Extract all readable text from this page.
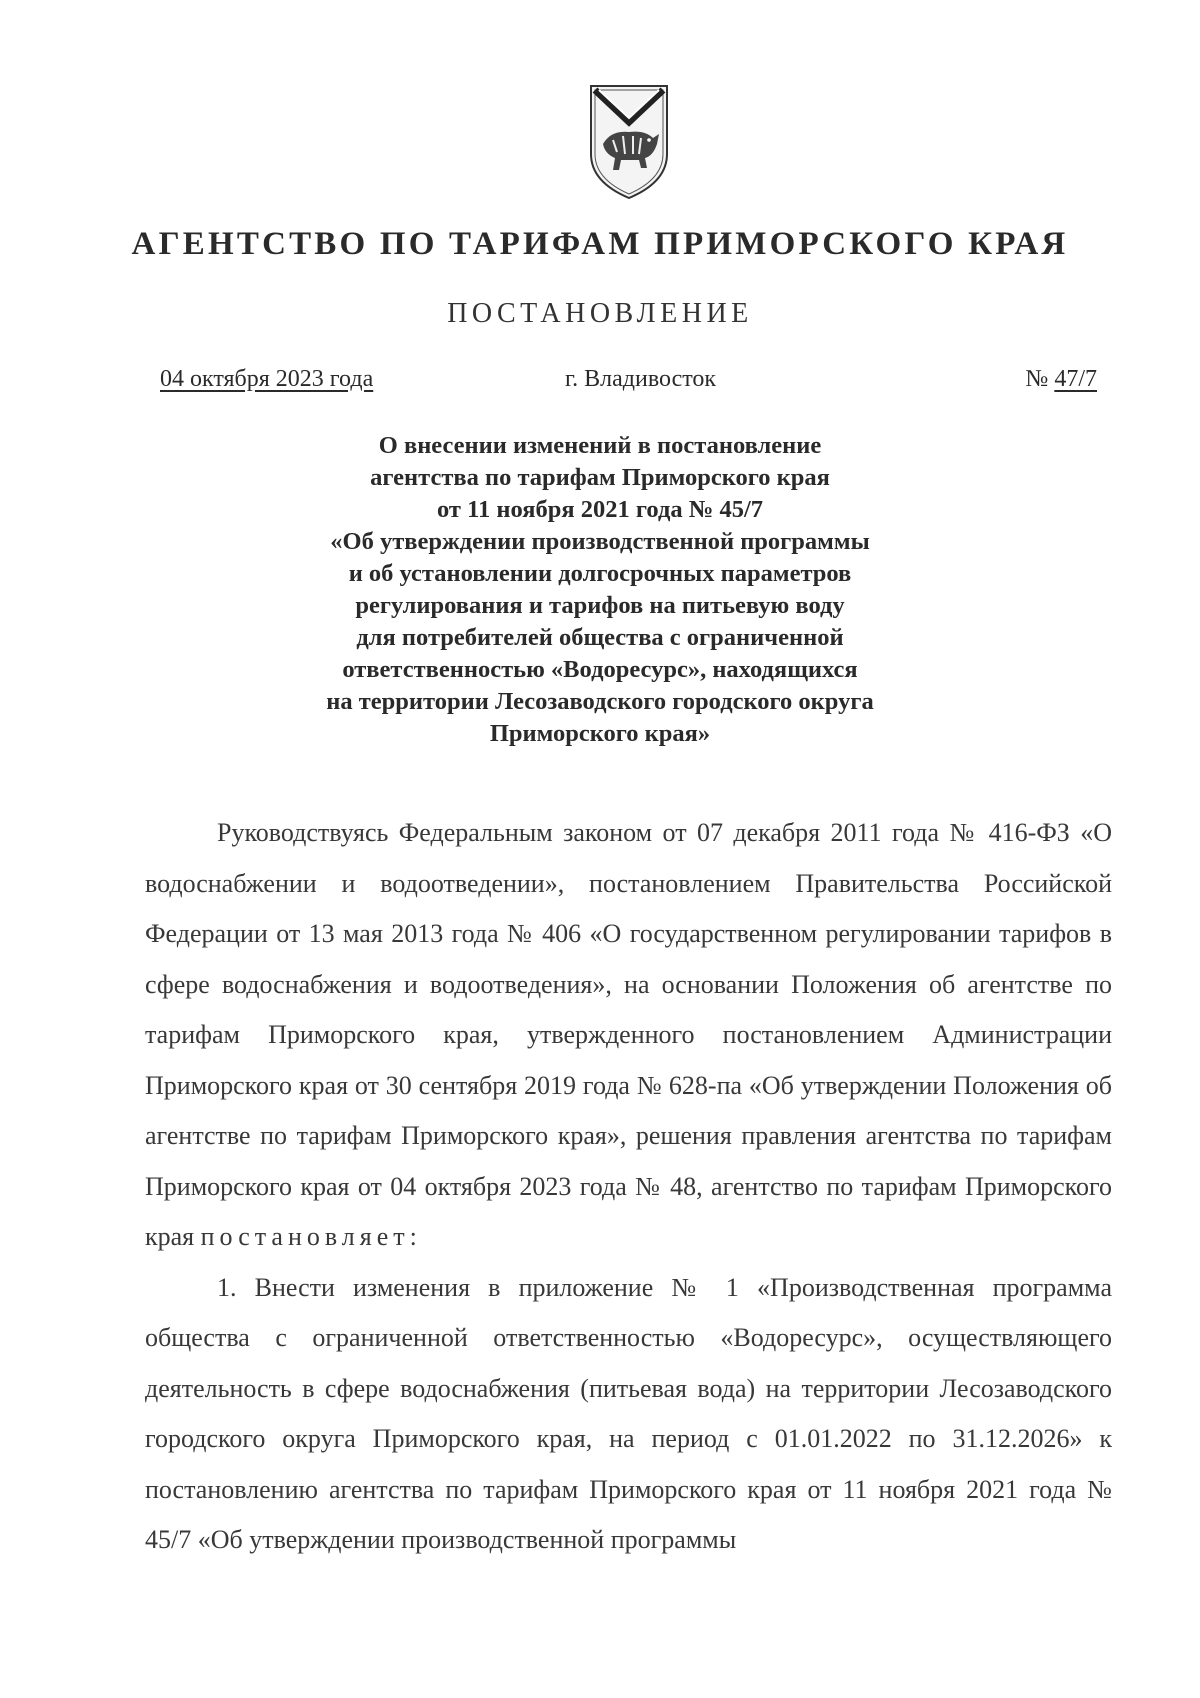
АГЕНТСТВО ПО ТАРИФАМ ПРИМОРСКОГО КРАЯ
ПОСТАНОВЛЕНИЕ
04 октября 2023 года	г. Владивосток	№ 47/7
О внесении изменений в постановление
агентства по тарифам Приморского края
от 11 ноября 2021 года № 45/7
«Об утверждении производственной программы
и об установлении долгосрочных параметров
регулирования и тарифов на питьевую воду
для потребителей общества с ограниченной
ответственностью «Водоресурс», находящихся
на территории Лесозаводского городского округа
Приморского края»

Руководствуясь Федеральным законом от 07 декабря 2011 года № 416-ФЗ «О водоснабжении и водоотведении», постановлением Правительства Российской Федерации от 13 мая 2013 года № 406 «О государственном регулировании тарифов в сфере водоснабжения и водоотведения», на основании Положения об агентстве по тарифам Приморского края, утвержденного постановлением Администрации Приморского края от 30 сентября 2019 года № 628-па «Об утверждении Положения об агентстве по тарифам Приморского края», решения правления агентства по тарифам Приморского края от 04 октября 2023 года № 48, агентство по тарифам Приморского края постановляет:

1. Внести изменения в приложение № 1 «Производственная программа общества с ограниченной ответственностью «Водоресурс», осуществляющего деятельность в сфере водоснабжения (питьевая вода) на территории Лесозаводского городского округа Приморского края, на период с 01.01.2022 по 31.12.2026» к постановлению агентства по тарифам Приморского края от 11 ноября 2021 года № 45/7 «Об утверждении производственной программы
